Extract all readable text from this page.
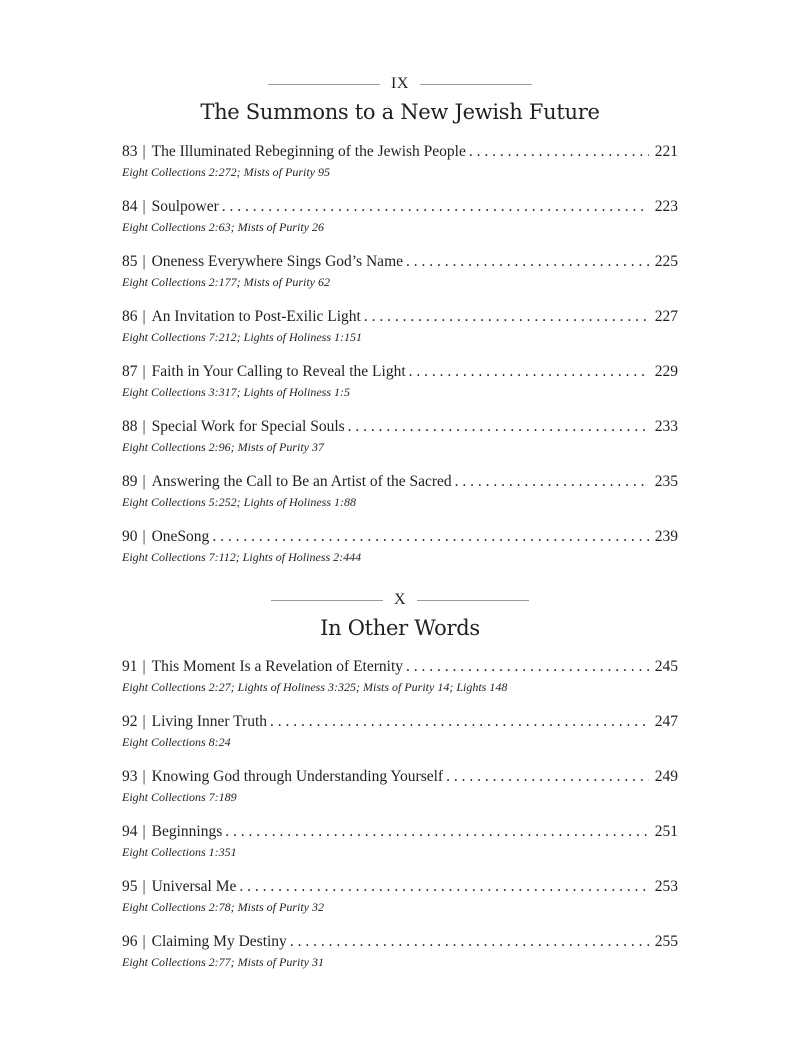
IX
The Summons to a New Jewish Future
83 | The Illuminated Rebeginning of the Jewish People . . .	221
Eight Collections 2:272; Mists of Purity 95
84 | Soulpower . . .	223
Eight Collections 2:63; Mists of Purity 26
85 | Oneness Everywhere Sings God’s Name . . .	225
Eight Collections 2:177; Mists of Purity 62
86 | An Invitation to Post-Exilic Light . . .	227
Eight Collections 7:212; Lights of Holiness 1:151
87 | Faith in Your Calling to Reveal the Light . . .	229
Eight Collections 3:317; Lights of Holiness 1:5
88 | Special Work for Special Souls . . .	233
Eight Collections 2:96; Mists of Purity 37
89 | Answering the Call to Be an Artist of the Sacred . . .	235
Eight Collections 5:252; Lights of Holiness 1:88
90 | OneSong . . .	239
Eight Collections 7:112; Lights of Holiness 2:444
X
In Other Words
91 | This Moment Is a Revelation of Eternity . . .	245
Eight Collections 2:27; Lights of Holiness 3:325; Mists of Purity 14; Lights 148
92 | Living Inner Truth . . .	247
Eight Collections 8:24
93 | Knowing God through Understanding Yourself . . .	249
Eight Collections 7:189
94 | Beginnings . . .	251
Eight Collections 1:351
95 | Universal Me . . .	253
Eight Collections 2:78; Mists of Purity 32
96 | Claiming My Destiny . . .	255
Eight Collections 2:77; Mists of Purity 31
